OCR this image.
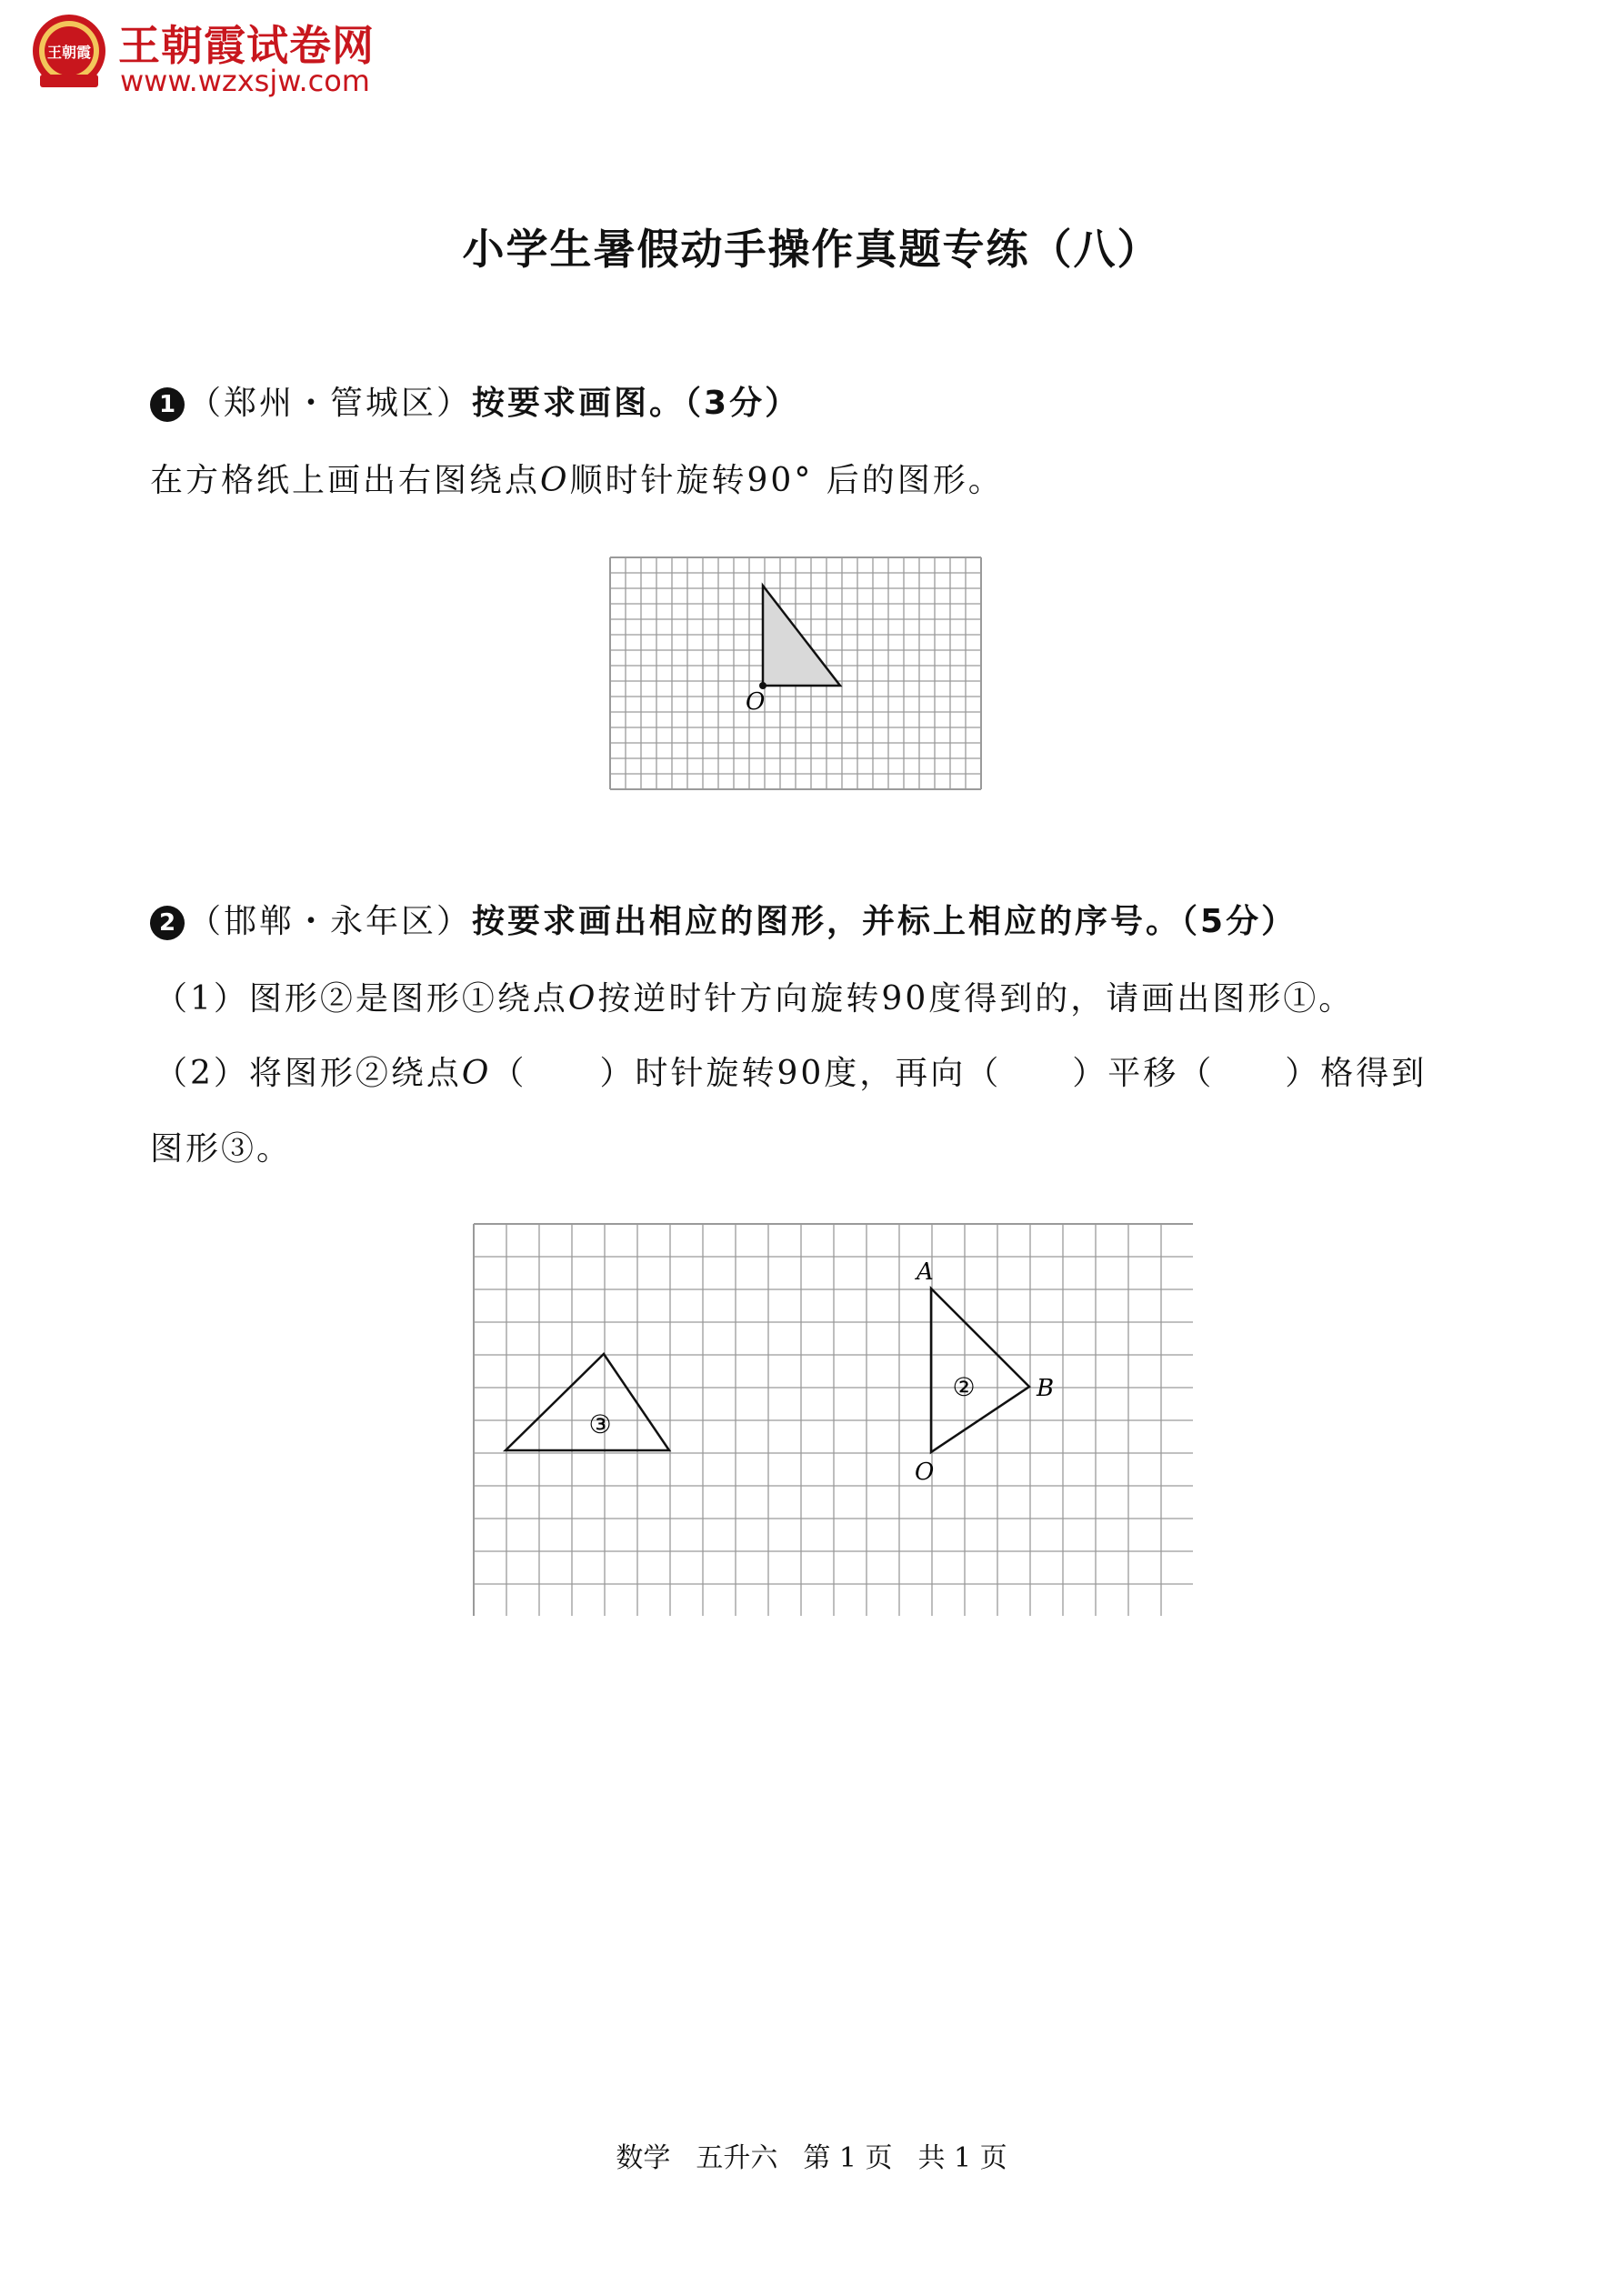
王朝霞 王朝霞试卷网
www.wzxsjw.com
小学生暑假动手操作真题专练（八）
1 （郑州・管城区）按要求画图。（3分）
在方格纸上画出右图绕点O顺时针旋转90° 后的图形。
O
2 （邯郸・永年区）按要求画出相应的图形，并标上相应的序号。（5分）
（1）图形②是图形①绕点O按逆时针方向旋转90度得到的，请画出图形①。
（2）将图形②绕点O（ ）时针旋转90度，再向（ ）平移（ ）格得到
图形③。
③
②
A
B
O
数学 五升六 第 1 页 共 1 页
